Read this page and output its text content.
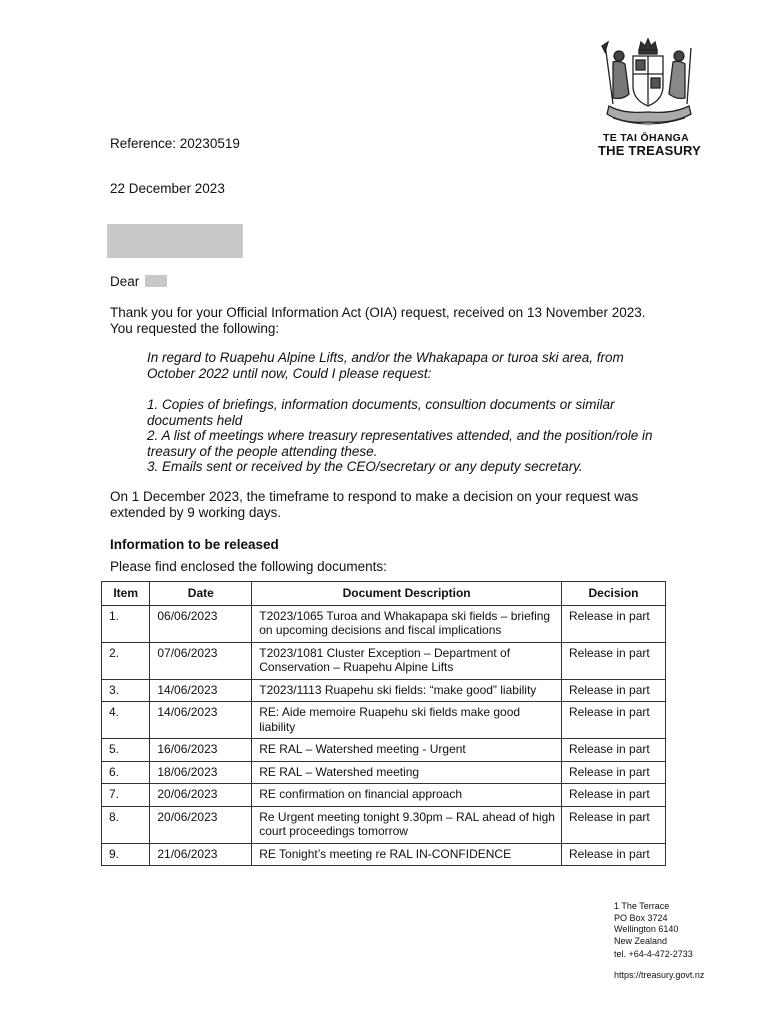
TE TAI ŌHANGA
THE TREASURY
Reference: 20230519
22 December 2023
Dear

Thank you for your Official Information Act (OIA) request, received on 13 November 2023. You requested the following:

In regard to Ruapehu Alpine Lifts, and/or the Whakapapa or turoa ski area, from October 2022 until now, Could I please request:

1. Copies of briefings, information documents, consultion documents or similar documents held

2. A list of meetings where treasury representatives attended, and the position/role in treasury of the people attending these.

3. Emails sent or received by the CEO/secretary or any deputy secretary.

On 1 December 2023, the timeframe to respond to make a decision on your request was extended by 9 working days.

Information to be released
Please find enclosed the following documents:
Item	Date	Document Description	Decision
1.	06/06/2023	T2023/1065 Turoa and Whakapapa ski fields – briefing on upcoming decisions and fiscal implications	Release in part
2.	07/06/2023	T2023/1081 Cluster Exception – Department of Conservation – Ruapehu Alpine Lifts	Release in part
3.	14/06/2023	T2023/1113 Ruapehu ski fields: “make good” liability	Release in part
4.	14/06/2023	RE: Aide memoire Ruapehu ski fields make good liability	Release in part
5.	16/06/2023	RE RAL – Watershed meeting - Urgent	Release in part
6.	18/06/2023	RE RAL – Watershed meeting	Release in part
7.	20/06/2023	RE confirmation on financial approach	Release in part
8.	20/06/2023	Re Urgent meeting tonight 9.30pm – RAL ahead of high court proceedings tomorrow	Release in part
9.	21/06/2023	RE Tonight’s meeting re RAL IN-CONFIDENCE	Release in part
1 The Terrace
PO Box 3724
Wellington 6140
New Zealand
tel. +64-4-472-2733
https://treasury.govt.nz
